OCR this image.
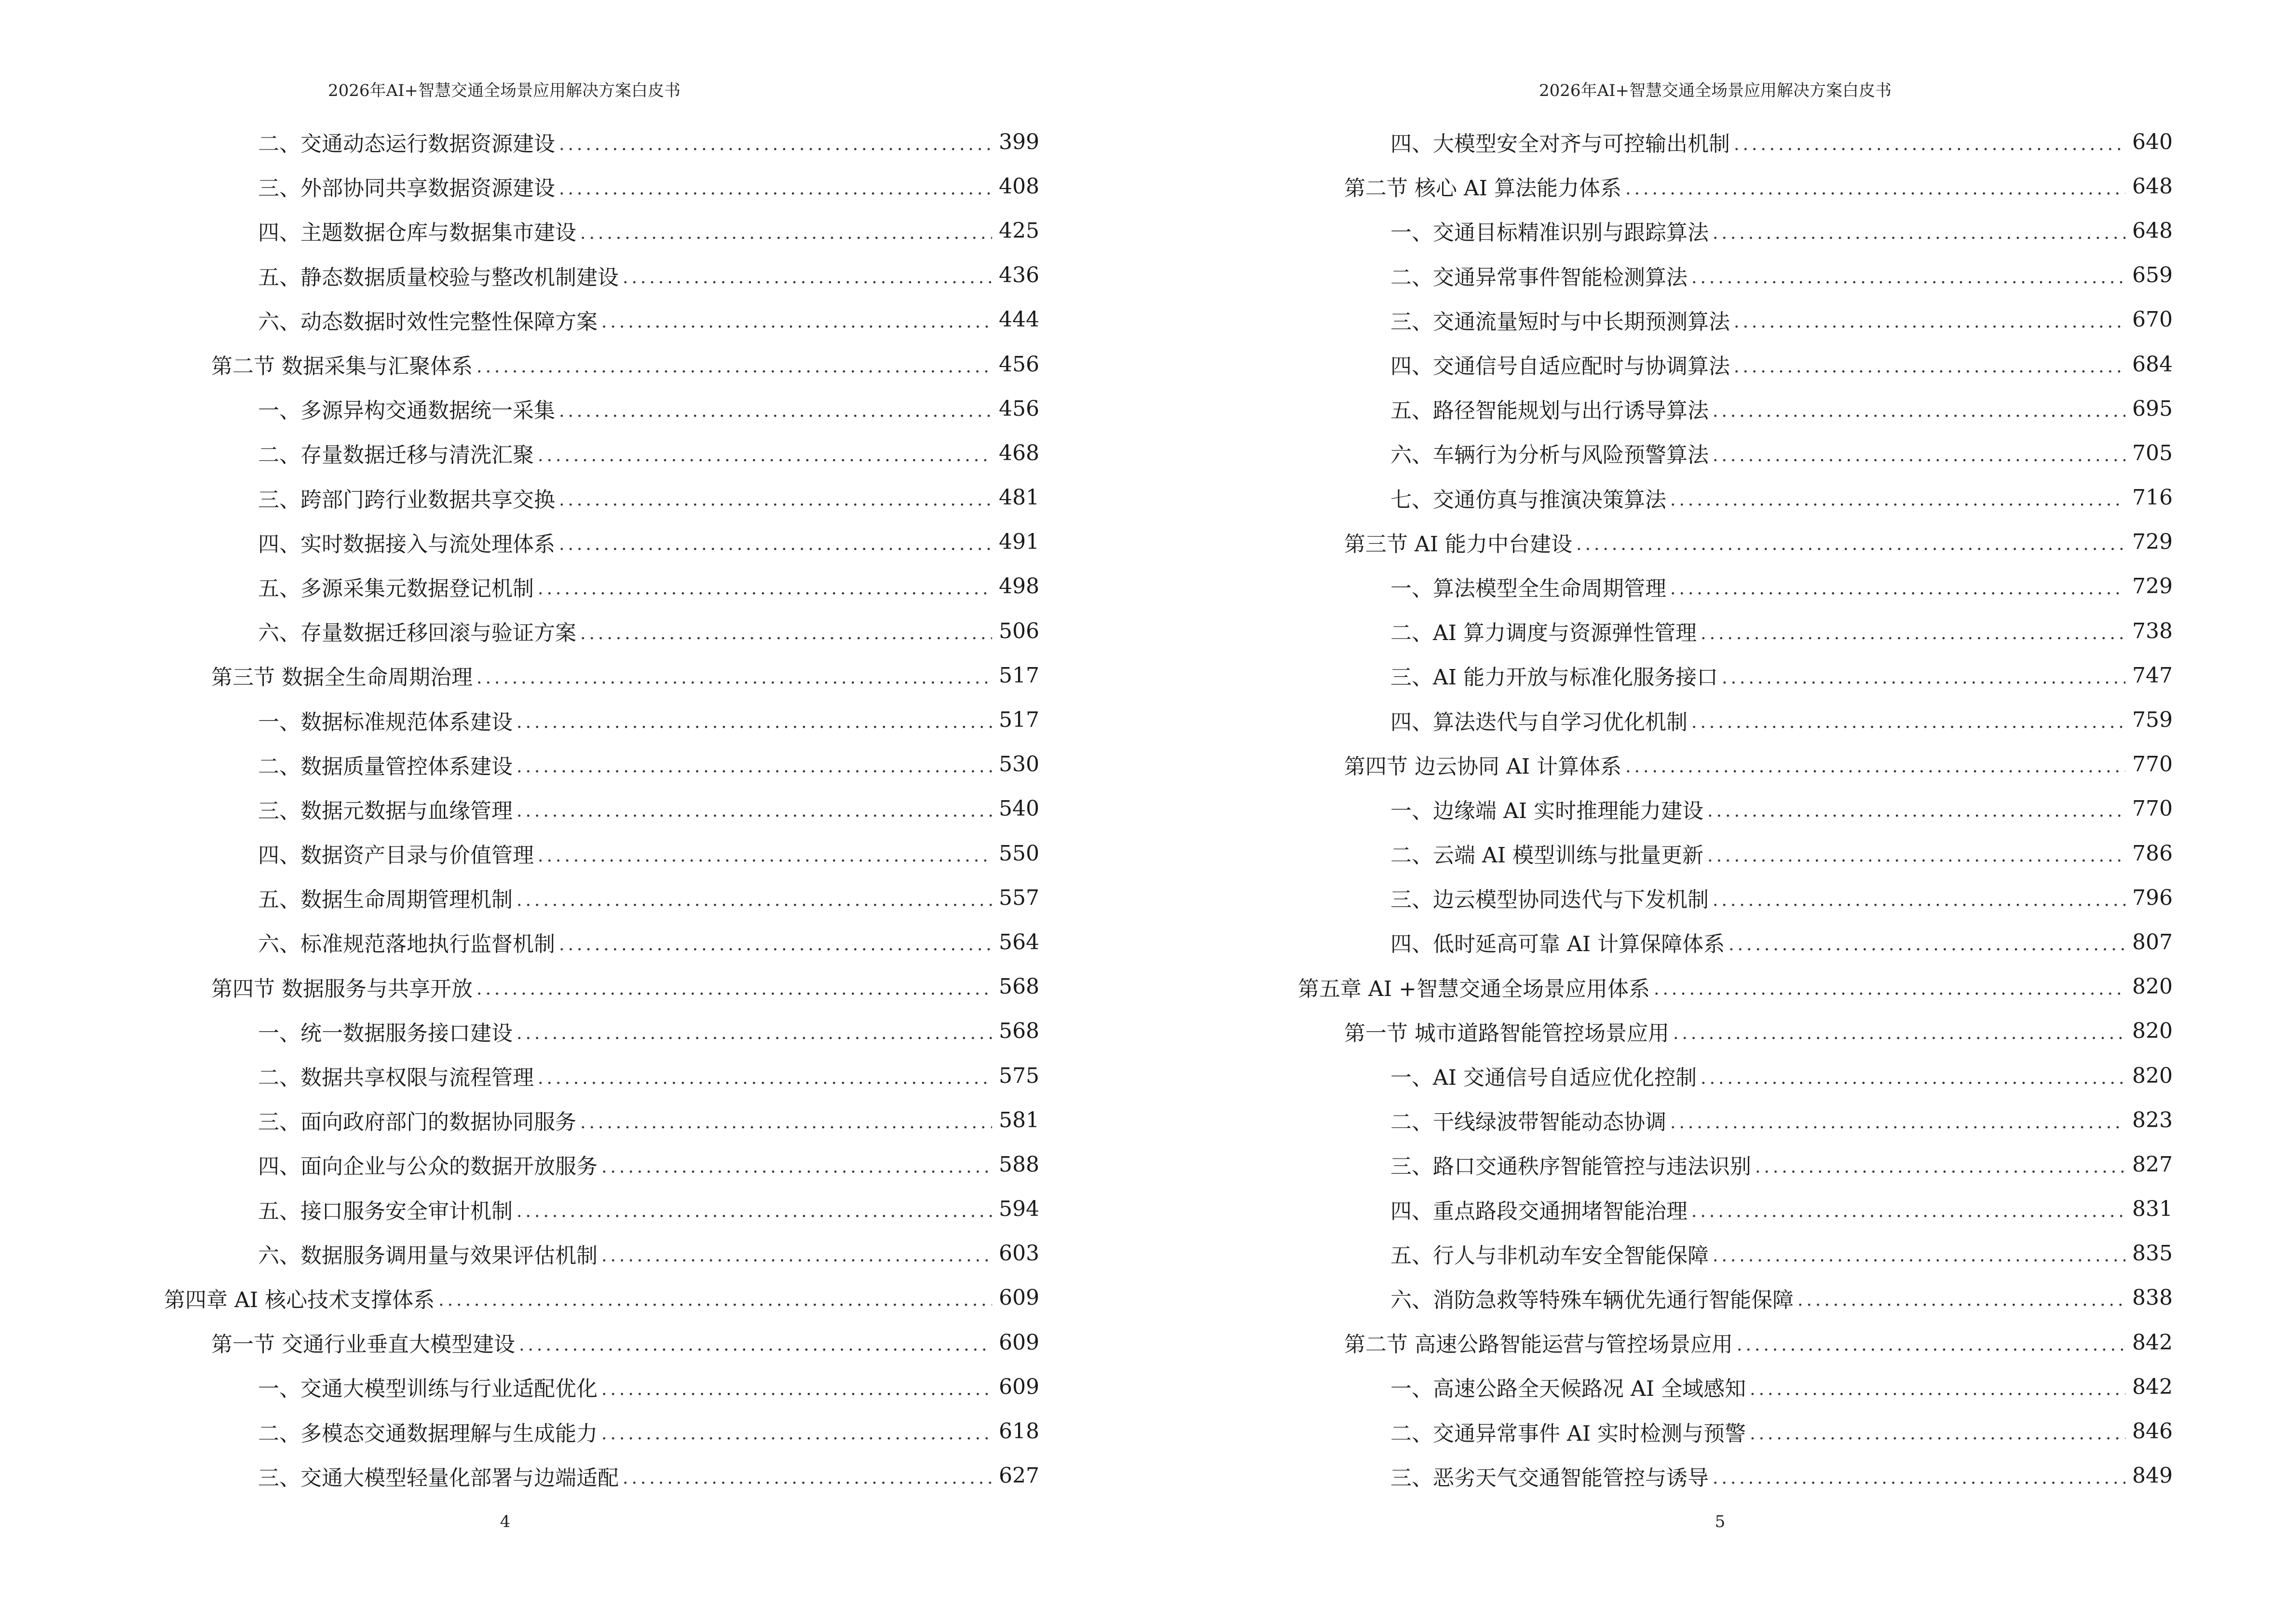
2026年AI+智慧交通全场景应用解决方案白皮书
二、交通动态运行数据资源建设 .....	399
三、外部协同共享数据资源建设 .....	408
四、主题数据仓库与数据集市建设 .....	425
五、静态数据质量校验与整改机制建设 .....	436
六、动态数据时效性完整性保障方案 .....	444
第二节 数据采集与汇聚体系 .....	456
一、多源异构交通数据统一采集 .....	456
二、存量数据迁移与清洗汇聚 .....	468
三、跨部门跨行业数据共享交换 .....	481
四、实时数据接入与流处理体系 .....	491
五、多源采集元数据登记机制 .....	498
六、存量数据迁移回滚与验证方案 .....	506
第三节 数据全生命周期治理 .....	517
一、数据标准规范体系建设 .....	517
二、数据质量管控体系建设 .....	530
三、数据元数据与血缘管理 .....	540
四、数据资产目录与价值管理 .....	550
五、数据生命周期管理机制 .....	557
六、标准规范落地执行监督机制 .....	564
第四节 数据服务与共享开放 .....	568
一、统一数据服务接口建设 .....	568
二、数据共享权限与流程管理 .....	575
三、面向政府部门的数据协同服务 .....	581
四、面向企业与公众的数据开放服务 .....	588
五、接口服务安全审计机制 .....	594
六、数据服务调用量与效果评估机制 .....	603
第四章 AI 核心技术支撑体系 .....	609
第一节 交通行业垂直大模型建设 .....	609
一、交通大模型训练与行业适配优化 .....	609
二、多模态交通数据理解与生成能力 .....	618
三、交通大模型轻量化部署与边端适配 .....	627
4
2026年AI+智慧交通全场景应用解决方案白皮书
四、大模型安全对齐与可控输出机制 .....	640
第二节 核心 AI 算法能力体系 .....	648
一、交通目标精准识别与跟踪算法 .....	648
二、交通异常事件智能检测算法 .....	659
三、交通流量短时与中长期预测算法 .....	670
四、交通信号自适应配时与协调算法 .....	684
五、路径智能规划与出行诱导算法 .....	695
六、车辆行为分析与风险预警算法 .....	705
七、交通仿真与推演决策算法 .....	716
第三节 AI 能力中台建设 .....	729
一、算法模型全生命周期管理 .....	729
二、AI 算力调度与资源弹性管理 .....	738
三、AI 能力开放与标准化服务接口 .....	747
四、算法迭代与自学习优化机制 .....	759
第四节 边云协同 AI 计算体系 .....	770
一、边缘端 AI 实时推理能力建设 .....	770
二、云端 AI 模型训练与批量更新 .....	786
三、边云模型协同迭代与下发机制 .....	796
四、低时延高可靠 AI 计算保障体系 .....	807
第五章 AI +智慧交通全场景应用体系 .....	820
第一节 城市道路智能管控场景应用 .....	820
一、AI 交通信号自适应优化控制 .....	820
二、干线绿波带智能动态协调 .....	823
三、路口交通秩序智能管控与违法识别 .....	827
四、重点路段交通拥堵智能治理 .....	831
五、行人与非机动车安全智能保障 .....	835
六、消防急救等特殊车辆优先通行智能保障 .....	838
第二节 高速公路智能运营与管控场景应用 .....	842
一、高速公路全天候路况 AI 全域感知 .....	842
二、交通异常事件 AI 实时检测与预警 .....	846
三、恶劣天气交通智能管控与诱导 .....	849
5
